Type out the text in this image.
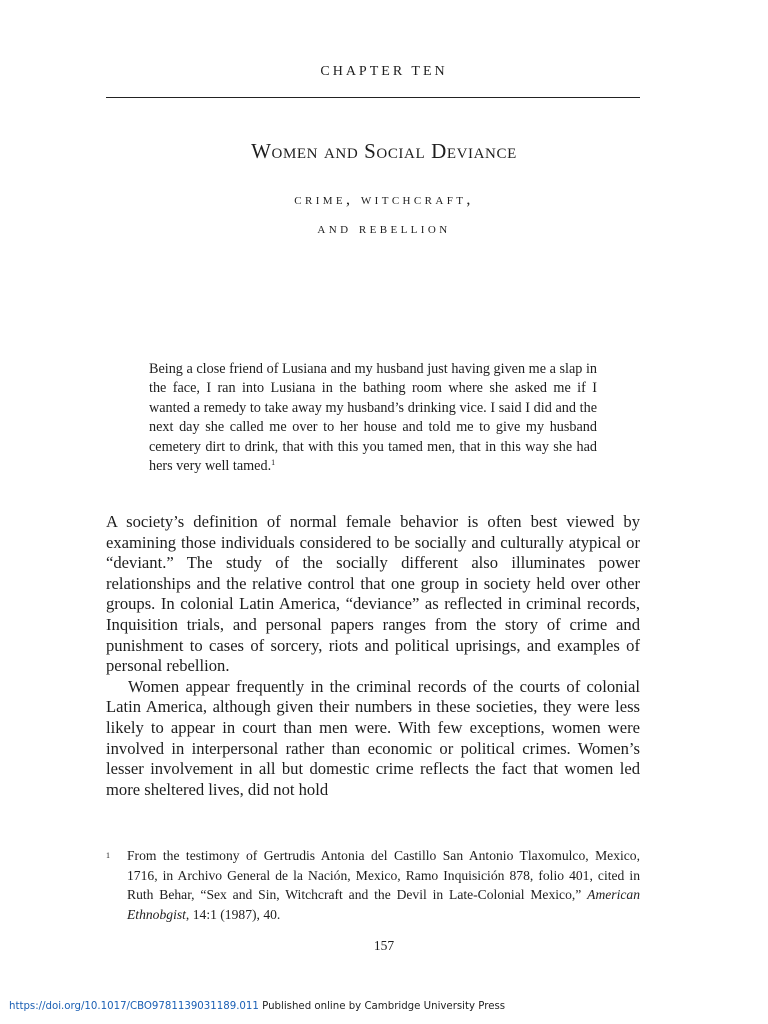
CHAPTER TEN
Women and Social Deviance
crime, witchcraft,
and rebellion
Being a close friend of Lusiana and my husband just having given me a slap in the face, I ran into Lusiana in the bathing room where she asked me if I wanted a remedy to take away my husband’s drinking vice. I said I did and the next day she called me over to her house and told me to give my husband cemetery dirt to drink, that with this you tamed men, that in this way she had hers very well tamed.$^1$

A society’s definition of normal female behavior is often best viewed by examining those individuals considered to be socially and culturally atypical or “deviant.” The study of the socially different also illuminates power relationships and the relative control that one group in society held over other groups. In colonial Latin America, “deviance” as reflected in criminal records, Inquisition trials, and personal papers ranges from the story of crime and punishment to cases of sorcery, riots and political uprisings, and examples of personal rebellion.

Women appear frequently in the criminal records of the courts of colonial Latin America, although given their numbers in these societies, they were less likely to appear in court than men were. With few exceptions, women were involved in interpersonal rather than economic or political crimes. Women’s lesser involvement in all but domestic crime reflects the fact that women led more sheltered lives, did not hold

1 From the testimony of Gertrudis Antonia del Castillo San Antonio Tlaxomulco, Mexico, 1716, in Archivo General de la Nación, Mexico, Ramo Inquisición 878, folio 401, cited in Ruth Behar, “Sex and Sin, Witchcraft and the Devil in Late-Colonial Mexico,” American Ethnobgist, 14:1 (1987), 40.
157
https://doi.org/10.1017/CBO9781139031189.011 Published online by Cambridge University Press
